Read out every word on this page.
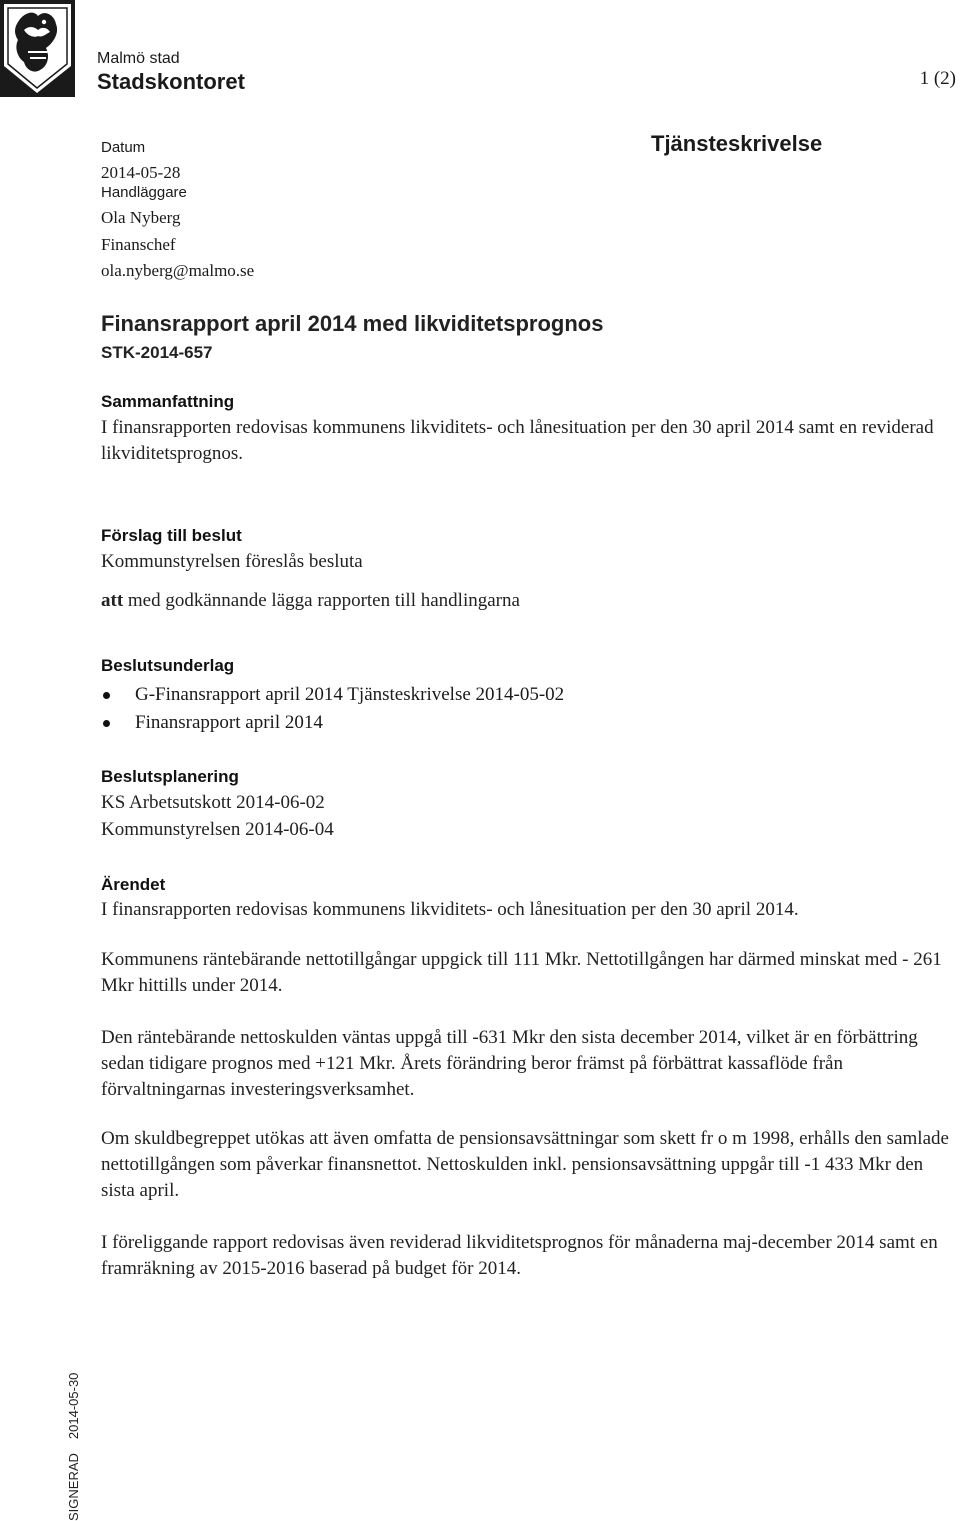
Malmö stad
Stadskontoret	1 (2)
Tjänsteskrivelse
Datum
2014-05-28
Handläggare
Ola Nyberg
Finanschef
ola.nyberg@malmo.se
Finansrapport april 2014 med likviditetsprognos
STK-2014-657
Sammanfattning
I finansrapporten redovisas kommunens likviditets- och lånesituation per den 30 april 2014 samt en reviderad likviditetsprognos.
Förslag till beslut
Kommunstyrelsen föreslås besluta
att med godkännande lägga rapporten till handlingarna
Beslutsunderlag
G-Finansrapport april 2014 Tjänsteskrivelse 2014-05-02
Finansrapport april 2014
Beslutsplanering
KS Arbetsutskott 2014-06-02
Kommunstyrelsen 2014-06-04
Ärendet
I finansrapporten redovisas kommunens likviditets- och lånesituation per den 30 april 2014.
Kommunens räntebärande nettotillgångar uppgick till 111 Mkr. Nettotillgången har därmed minskat med - 261 Mkr hittills under 2014.
Den räntebärande nettoskulden väntas uppgå till -631 Mkr den sista december 2014, vilket är en förbättring sedan tidigare prognos med +121 Mkr. Årets förändring beror främst på förbättrat kassaflöde från förvaltningarnas investeringsverksamhet.
Om skuldbegreppet utökas att även omfatta de pensionsavsättningar som skett fr o m 1998, erhålls den samlade nettotillgången som påverkar finansnettot. Nettoskulden inkl. pensionsavsättning uppgår till -1 433 Mkr den sista april.
I föreliggande rapport redovisas även reviderad likviditetsprognos för månaderna maj-december 2014 samt en framräkning av 2015-2016 baserad på budget för 2014.
SIGNERAD2014-05-30
